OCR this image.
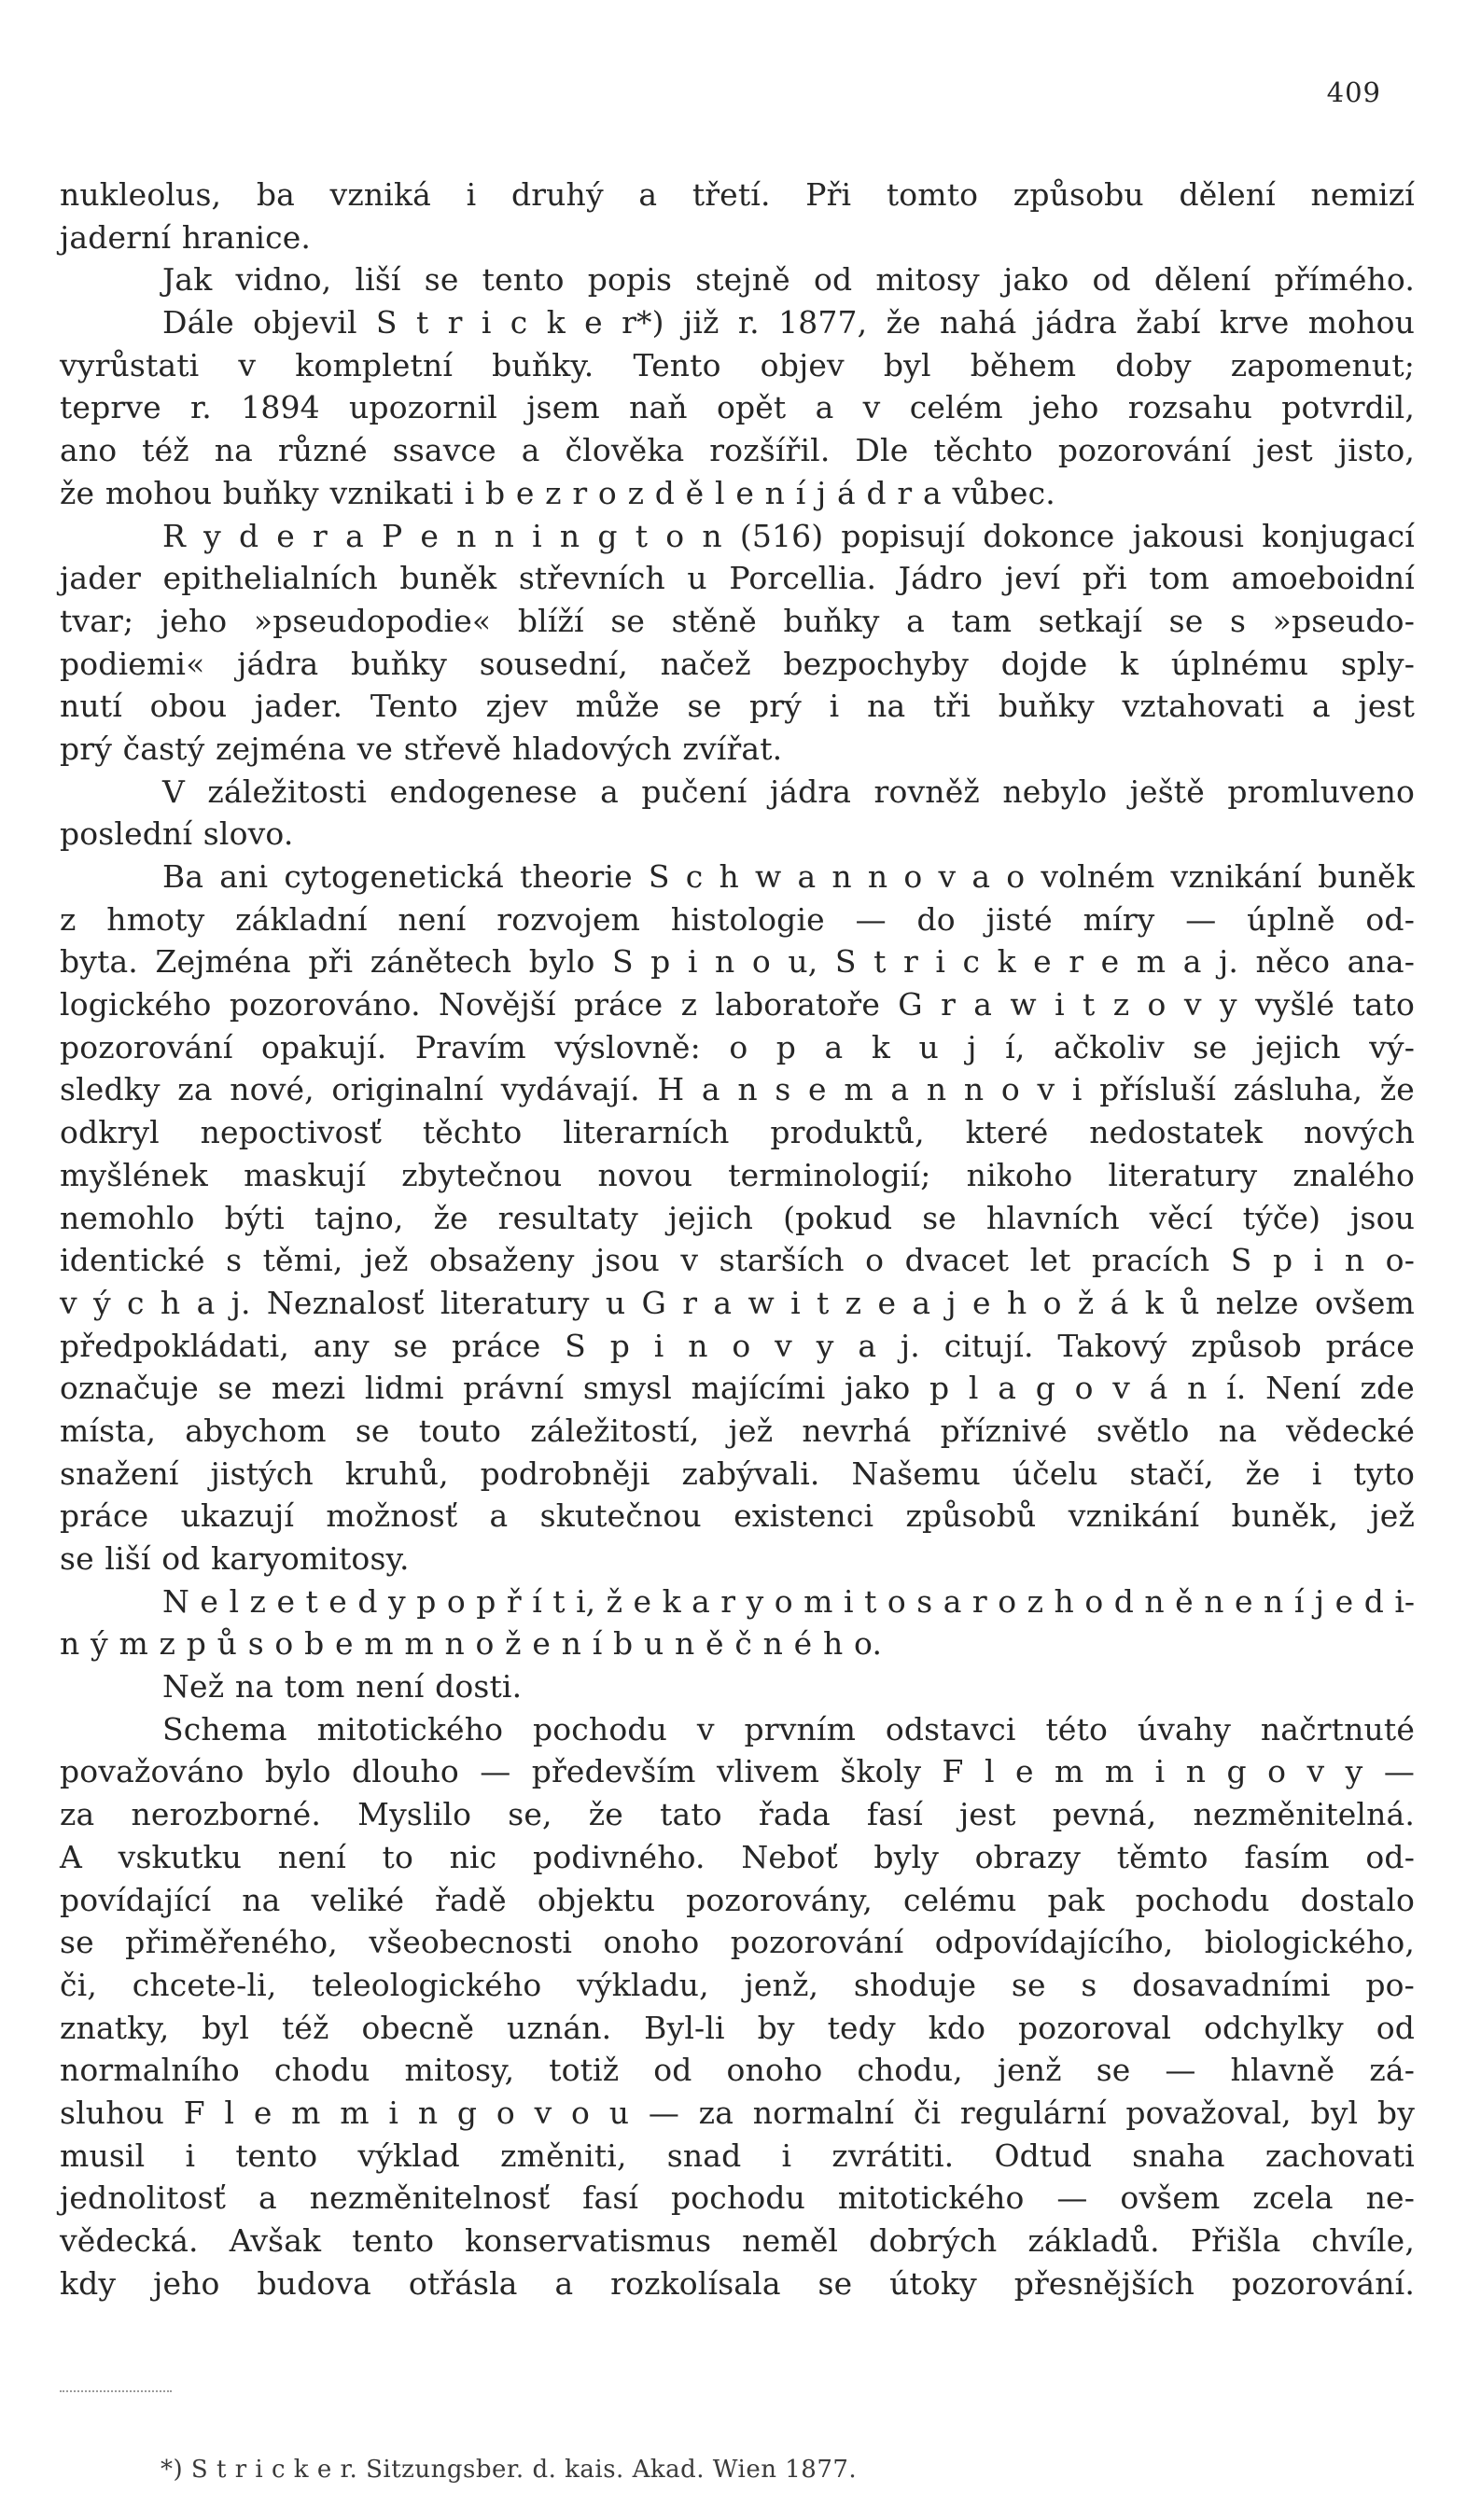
409
nukleolus, ba vzniká i druhý a třetí. Při tomto způsobu dělení nemizí
jaderní hranice.
Jak vidno, liší se tento popis stejně od mitosy jako od dělení přímého.
Dále objevil S t r i c k e r*) již r. 1877, že nahá jádra žabí krve mohou
vyrůstati v kompletní buňky. Tento objev byl během doby zapomenut;
teprve r. 1894 upozornil jsem naň opět a v celém jeho rozsahu potvrdil,
ano též na různé ssavce a člověka rozšířil. Dle těchto pozorování jest jisto,
že mohou buňky vznikati i b e z r o z d ě l e n í j á d r a vůbec.
R y d e r a P e n n i n g t o n (516) popisují dokonce jakousi konjugací
jader epithelialních buněk střevních u Porcellia. Jádro jeví při tom amoeboidní
tvar; jeho »pseudopodie« blíží se stěně buňky a tam setkají se s »pseudo-
podiemi« jádra buňky sousední, načež bezpochyby dojde k úplnému sply-
nutí obou jader. Tento zjev může se prý i na tři buňky vztahovati a jest
prý častý zejména ve střevě hladových zvířat.
V záležitosti endogenese a pučení jádra rovněž nebylo ještě promluveno
poslední slovo.
Ba ani cytogenetická theorie S c h w a n n o v a o volném vznikání buněk
z hmoty základní není rozvojem histologie — do jisté míry — úplně od-
byta. Zejména při zánětech bylo S p i n o u, S t r i c k e r e m a j. něco ana-
logického pozorováno. Novější práce z laboratoře G r a w i t z o v y vyšlé tato
pozorování opakují. Pravím výslovně: o p a k u j í, ačkoliv se jejich vý-
sledky za nové, originalní vydávají. H a n s e m a n n o v i přísluší zásluha, že
odkryl nepoctivosť těchto literarních produktů, které nedostatek nových
myšlének maskují zbytečnou novou terminologií; nikoho literatury znalého
nemohlo býti tajno, že resultaty jejich (pokud se hlavních věcí týče) jsou
identické s těmi, jež obsaženy jsou v starších o dvacet let pracích S p i n o-
v ý c h a j. Neznalosť literatury u G r a w i t z e a j e h o ž á k ů nelze ovšem
předpokládati, any se práce S p i n o v y a j. citují. Takový způsob práce
označuje se mezi lidmi právní smysl majícími jako p l a g o v á n í. Není zde
místa, abychom se touto záležitostí, jež nevrhá příznivé světlo na vědecké
snažení jistých kruhů, podrobněji zabývali. Našemu účelu stačí, že i tyto
práce ukazují možnosť a skutečnou existenci způsobů vznikání buněk, jež
se liší od karyomitosy.
N e l z e t e d y p o p ř í t i, ž e k a r y o m i t o s a r o z h o d n ě n e n í j e d i-
n ý m z p ů s o b e m m n o ž e n í b u n ě č n é h o.
Než na tom není dosti.
Schema mitotického pochodu v prvním odstavci této úvahy načrtnuté
považováno bylo dlouho — především vlivem školy F l e m m i n g o v y —
za nerozborné. Myslilo se, že tato řada fasí jest pevná, nezměnitelná.
A vskutku není to nic podivného. Neboť byly obrazy těmto fasím od-
povídající na veliké řadě objektu pozorovány, celému pak pochodu dostalo
se přiměřeného, všeobecnosti onoho pozorování odpovídajícího, biologického,
či, chcete-li, teleologického výkladu, jenž, shoduje se s dosavadními po-
znatky, byl též obecně uznán. Byl-li by tedy kdo pozoroval odchylky od
normalního chodu mitosy, totiž od onoho chodu, jenž se — hlavně zá-
sluhou F l e m m i n g o v o u — za normalní či regulární považoval, byl by
musil i tento výklad změniti, snad i zvrátiti. Odtud snaha zachovati
jednolitosť a nezměnitelnosť fasí pochodu mitotického — ovšem zcela ne-
vědecká. Avšak tento konservatismus neměl dobrých základů. Přišla chvíle,
kdy jeho budova otřásla a rozkolísala se útoky přesnějších pozorování.
*) S t r i c k e r. Sitzungsber. d. kais. Akad. Wien 1877.
